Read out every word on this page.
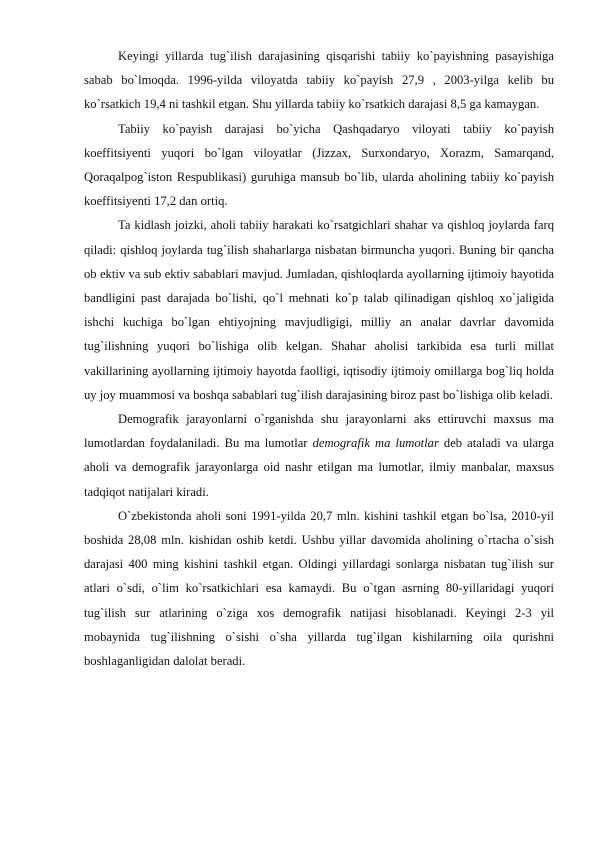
Keyingi yillarda tug`ilish darajasining qisqarishi tabiiy ko`payishning pasayishiga sabab bo`lmoqda. 1996-yilda viloyatda tabiiy ko`payish 27,9 , 2003-yilga kelib bu ko`rsatkich 19,4 ni tashkil etgan. Shu yillarda tabiiy ko`rsatkich darajasi 8,5 ga kamaygan.

Tabiiy ko`payish darajasi bo`yicha Qashqadaryo viloyati tabiiy ko`payish koeffitsiyenti yuqori bo`lgan viloyatlar (Jizzax, Surxondaryo, Xorazm, Samarqand, Qoraqalpog`iston Respublikasi) guruhiga mansub bo`lib, ularda aholining tabiiy ko`payish koeffitsiyenti 17,2 dan ortiq.

Ta kidlash joizki, aholi tabiiy harakati ko`rsatgichlari shahar va qishloq joylarda farq qiladi: qishloq joylarda tug`ilish shaharlarga nisbatan birmuncha yuqori. Buning bir qancha ob ektiv va sub ektiv sabablari mavjud. Jumladan, qishloqlarda ayollarning ijtimoiy hayotida bandligini past darajada bo`lishi, qo`l mehnati ko`p talab qilinadigan qishloq xo`jaligida ishchi kuchiga bo`lgan ehtiyojning mavjudligigi, milliy an analar davrlar davomida tug`ilishning yuqori bo`lishiga olib kelgan. Shahar aholisi tarkibida esa turli millat vakillarining ayollarning ijtimoiy hayotda faolligi, iqtisodiy ijtimoiy omillarga bog`liq holda uy joy muammosi va boshqa sabablari tug`ilish darajasining biroz past bo`lishiga olib keladi.

Demografik jarayonlarni o`rganishda shu jarayonlarni aks ettiruvchi maxsus ma lumotlardan foydalaniladi. Bu ma lumotlar demografik ma lumotlar deb ataladi va ularga aholi va demografik jarayonlarga oid nashr etilgan ma lumotlar, ilmiy manbalar, maxsus tadqiqot natijalari kiradi.

O`zbekistonda aholi soni 1991-yilda 20,7 mln. kishini tashkil etgan bo`lsa, 2010-yil boshida 28,08 mln. kishidan oshib ketdi. Ushbu yillar davomida aholining o`rtacha o`sish darajasi 400 ming kishini tashkil etgan. Oldingi yillardagi sonlarga nisbatan tug`ilish sur atlari o`sdi, o`lim ko`rsatkichlari esa kamaydi. Bu o`tgan asrning 80-yillaridagi yuqori tug`ilish sur atlarining o`ziga xos demografik natijasi hisoblanadi. Keyingi 2-3 yil mobaynida tug`ilishning o`sishi o`sha yillarda tug`ilgan kishilarning oila qurishni boshlaganligidan dalolat beradi.
